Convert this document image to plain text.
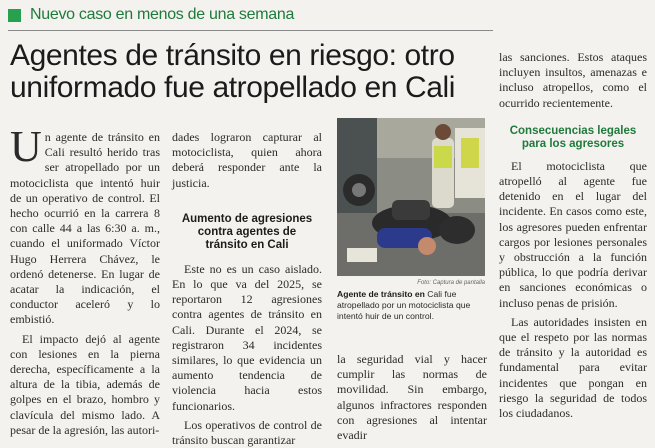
Nuevo caso en menos de una semana
Agentes de tránsito en riesgo: otro
uniformado fue atropellado en Cali

Un agente de tránsito en Cali resultó herido tras ser atropellado por un motociclista que intentó huir de un operativo de control. El hecho ocurrió en la carrera 8 con calle 44 a las 6:30 a. m., cuando el uniformado Víctor Hugo Herrera Chávez, le ordenó detenerse. En lugar de acatar la indicación, el conductor aceleró y lo embistió.

El impacto dejó al agente con lesiones en la pierna derecha, específicamente a la altura de la tibia, además de golpes en el brazo, hombro y clavícula del mismo lado. A pesar de la agresión, las autori-

dades lograron capturar al motociclista, quien ahora deberá responder ante la justicia.

Aumento de agresiones contra agentes de tránsito en Cali

Este no es un caso aislado. En lo que va del 2025, se reportaron 12 agresiones contra agentes de tránsito en Cali. Durante el 2024, se registraron 34 incidentes similares, lo que evidencia un aumento tendencia de violencia hacia estos funcionarios.

Los operativos de control de tránsito buscan garantizar

Foto: Captura de pantalla
Agente de tránsito en Cali fue atropellado por un motociclista que intentó huir de un control.

la seguridad vial y hacer cumplir las normas de movilidad. Sin embargo, algunos infractores responden con agresiones al intentar evadir

las sanciones. Estos ataques incluyen insultos, amenazas e incluso atropellos, como el ocurrido recientemente.

Consecuencias legales para los agresores

El motociclista que atropelló al agente fue detenido en el lugar del incidente. En casos como este, los agresores pueden enfrentar cargos por lesiones personales y obstrucción a la función pública, lo que podría derivar en sanciones económicas o incluso penas de prisión.

Las autoridades insisten en que el respeto por las normas de tránsito y la autoridad es fundamental para evitar incidentes que pongan en riesgo la seguridad de todos los ciudadanos.
